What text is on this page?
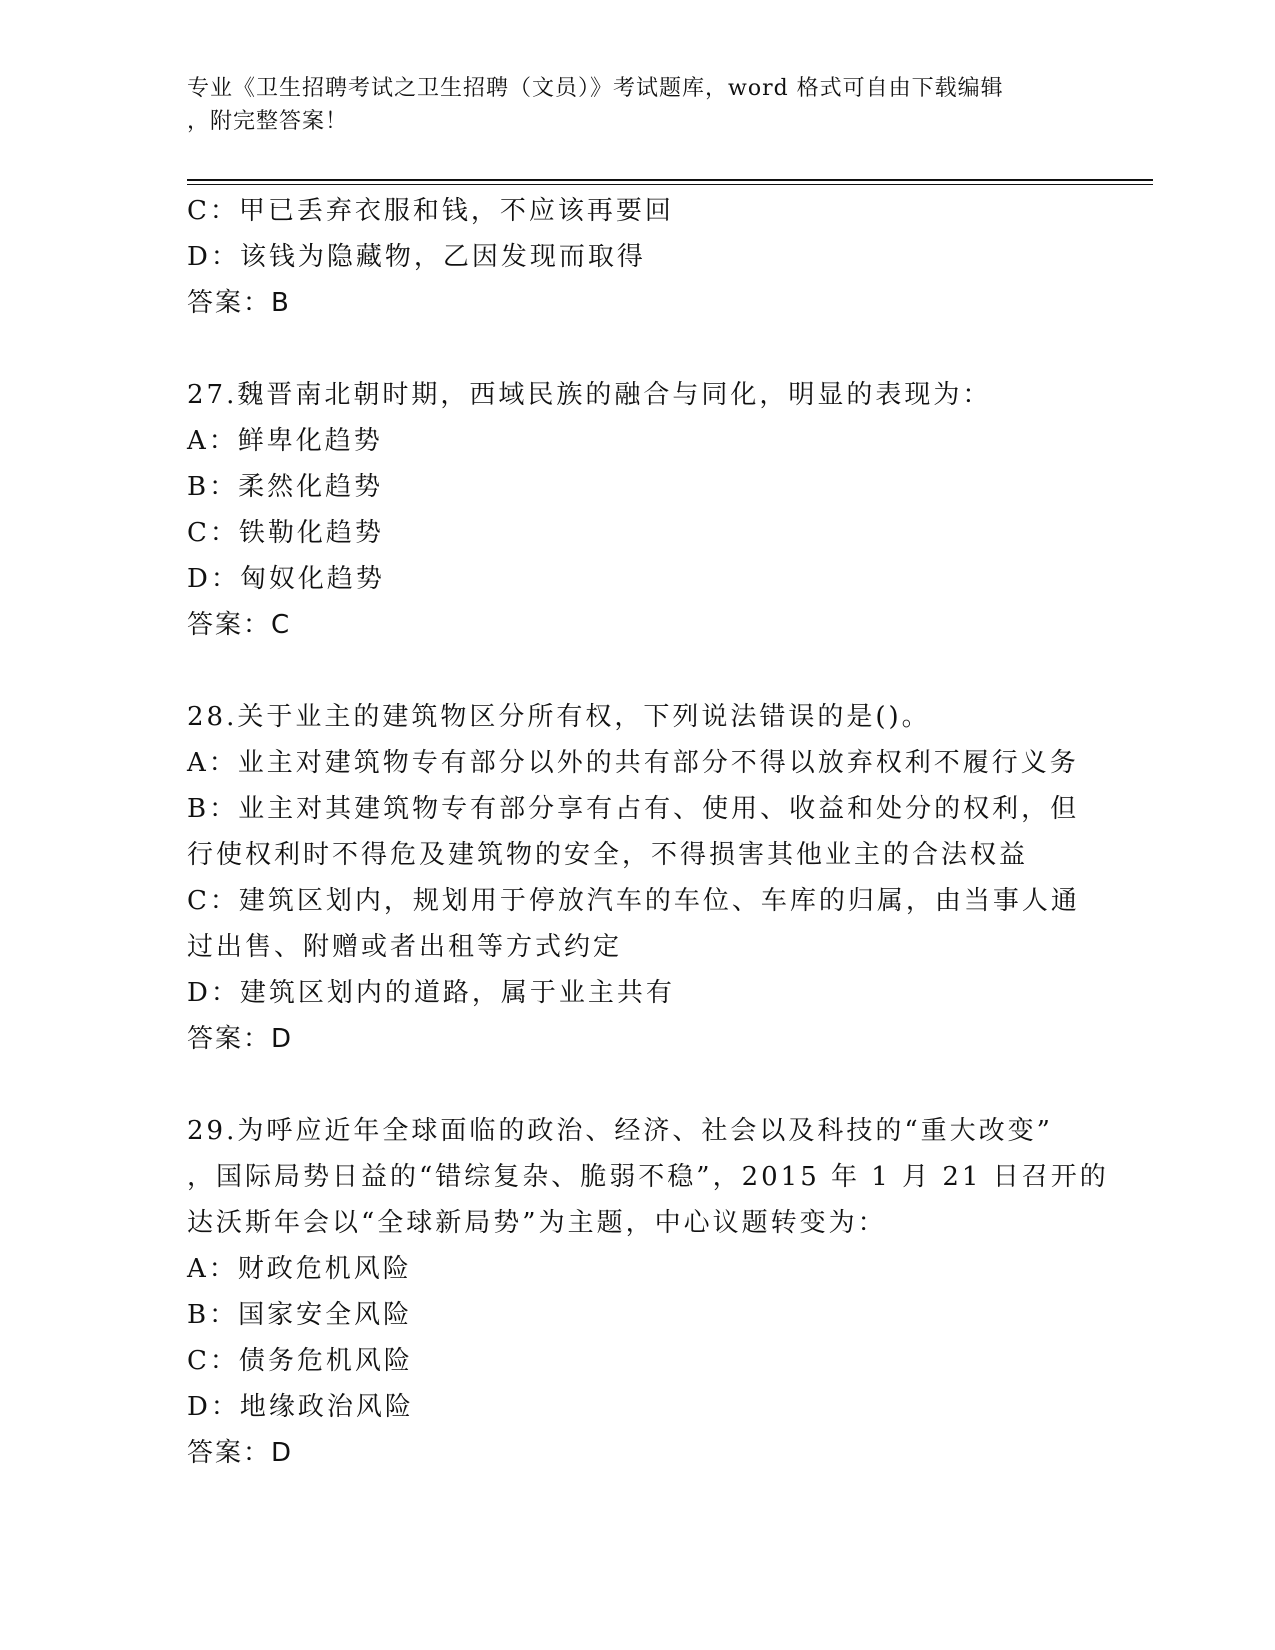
专业《卫生招聘考试之卫生招聘（文员）》考试题库，word 格式可自由下载编辑
，附完整答案！
C：甲已丢弃衣服和钱，不应该再要回
D：该钱为隐藏物，乙因发现而取得
答案：B
27.魏晋南北朝时期，西域民族的融合与同化，明显的表现为：
A：鲜卑化趋势
B：柔然化趋势
C：铁勒化趋势
D：匈奴化趋势
答案：C
28.关于业主的建筑物区分所有权，下列说法错误的是()。
A：业主对建筑物专有部分以外的共有部分不得以放弃权利不履行义务
B：业主对其建筑物专有部分享有占有、使用、收益和处分的权利，但
行使权利时不得危及建筑物的安全，不得损害其他业主的合法权益
C：建筑区划内，规划用于停放汽车的车位、车库的归属，由当事人通
过出售、附赠或者出租等方式约定
D：建筑区划内的道路，属于业主共有
答案：D
29.为呼应近年全球面临的政治、经济、社会以及科技的“重大改变”
，国际局势日益的“错综复杂、脆弱不稳”，2015 年 1 月 21 日召开的
达沃斯年会以“全球新局势”为主题，中心议题转变为：
A：财政危机风险
B：国家安全风险
C：债务危机风险
D：地缘政治风险
答案：D
